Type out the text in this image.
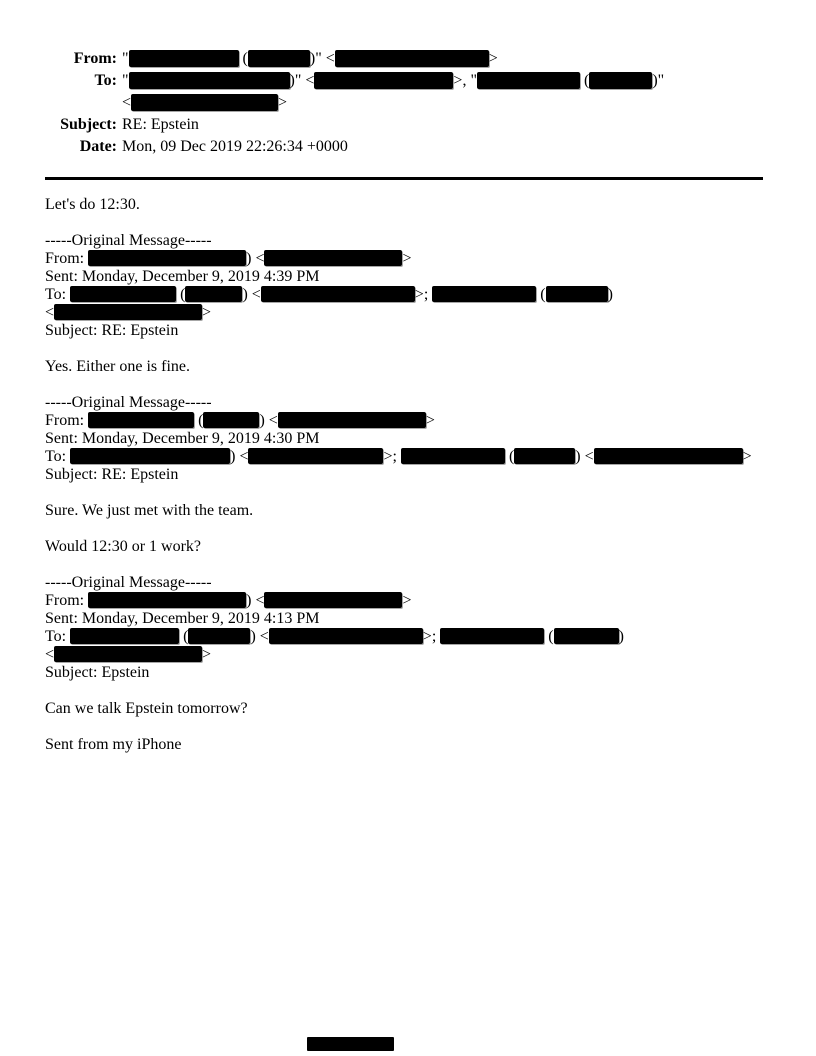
From: "	(	)" <	>
To: "	)" <	>, "	(	)"
<	>
Subject: RE: Epstein
Date: Mon, 09 Dec 2019 22:26:34 +0000
Let's do 12:30.

-----Original Message-----
From:	) <	>
Sent: Monday, December 9, 2019 4:39 PM
To:	(	) <	>;	(	)
<	>
Subject: RE: Epstein

Yes. Either one is fine.

-----Original Message-----
From:	(	) <	>
Sent: Monday, December 9, 2019 4:30 PM
To:	) <	>;	(	) <	>
Subject: RE: Epstein

Sure. We just met with the team.

Would 12:30 or 1 work?

-----Original Message-----
From:	) <	>
Sent: Monday, December 9, 2019 4:13 PM
To:	(	) <	>;	(	)
<	>
Subject: Epstein

Can we talk Epstein tomorrow?

Sent from my iPhone
